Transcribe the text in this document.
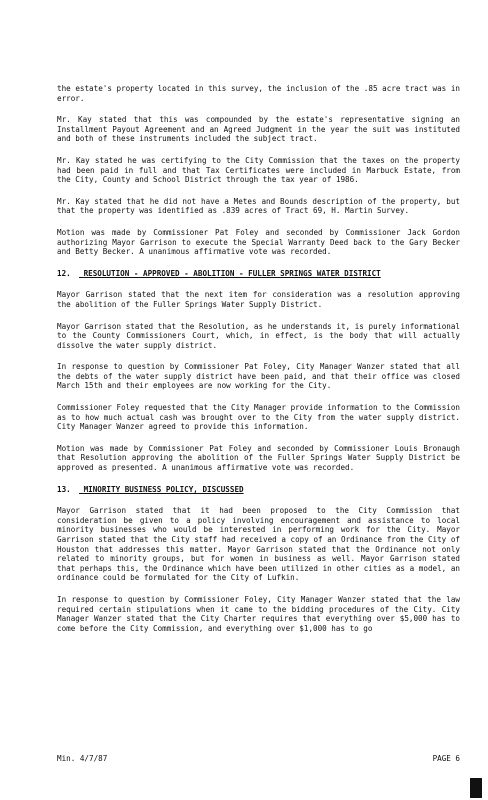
the estate's property located in this survey, the inclusion of the .85 acre tract was in error.

Mr. Kay stated that this was compounded by the estate's representative signing an Installment Payout Agreement and an Agreed Judgment in the year the suit was instituted and both of these instruments included the subject tract.

Mr. Kay stated he was certifying to the City Commission that the taxes on the property had been paid in full and that Tax Certificates were included in Marbuck Estate, from the City, County and School District through the tax year of 1986.

Mr. Kay stated that he did not have a Metes and Bounds description of the property, but that the property was identified as .839 acres of Tract 69, H. Martin Survey.

Motion was made by Commissioner Pat Foley and seconded by Commissioner Jack Gordon authorizing Mayor Garrison to execute the Special Warranty Deed back to the Gary Becker and Betty Becker. A unanimous affirmative vote was recorded.

12. RESOLUTION - APPROVED - ABOLITION - FULLER SPRINGS WATER DISTRICT

Mayor Garrison stated that the next item for consideration was a resolution approving the abolition of the Fuller Springs Water Supply District.

Mayor Garrison stated that the Resolution, as he understands it, is purely informational to the County Commissioners Court, which, in effect, is the body that will actually dissolve the water supply district.

In response to question by Commissioner Pat Foley, City Manager Wanzer stated that all the debts of the water supply district have been paid, and that their office was closed March 15th and their employees are now working for the City.

Commissioner Foley requested that the City Manager provide information to the Commission as to how much actual cash was brought over to the City from the water supply district. City Manager Wanzer agreed to provide this information.

Motion was made by Commissioner Pat Foley and seconded by Commissioner Louis Bronaugh that Resolution approving the abolition of the Fuller Springs Water Supply District be approved as presented. A unanimous affirmative vote was recorded.

13. MINORITY BUSINESS POLICY, DISCUSSED

Mayor Garrison stated that it had been proposed to the City Commission that consideration be given to a policy involving encouragement and assistance to local minority businesses who would be interested in performing work for the City. Mayor Garrison stated that the City staff had received a copy of an Ordinance from the City of Houston that addresses this matter. Mayor Garrison stated that the Ordinance not only related to minority groups, but for women in business as well. Mayor Garrison stated that perhaps this, the Ordinance which have been utilized in other cities as a model, an ordinance could be formulated for the City of Lufkin.

In response to question by Commissioner Foley, City Manager Wanzer stated that the law required certain stipulations when it came to the bidding procedures of the City. City Manager Wanzer stated that the City Charter requires that everything over $5,000 has to come before the City Commission, and everything over $1,000 has to go

Min. 4/7/87	PAGE 6
